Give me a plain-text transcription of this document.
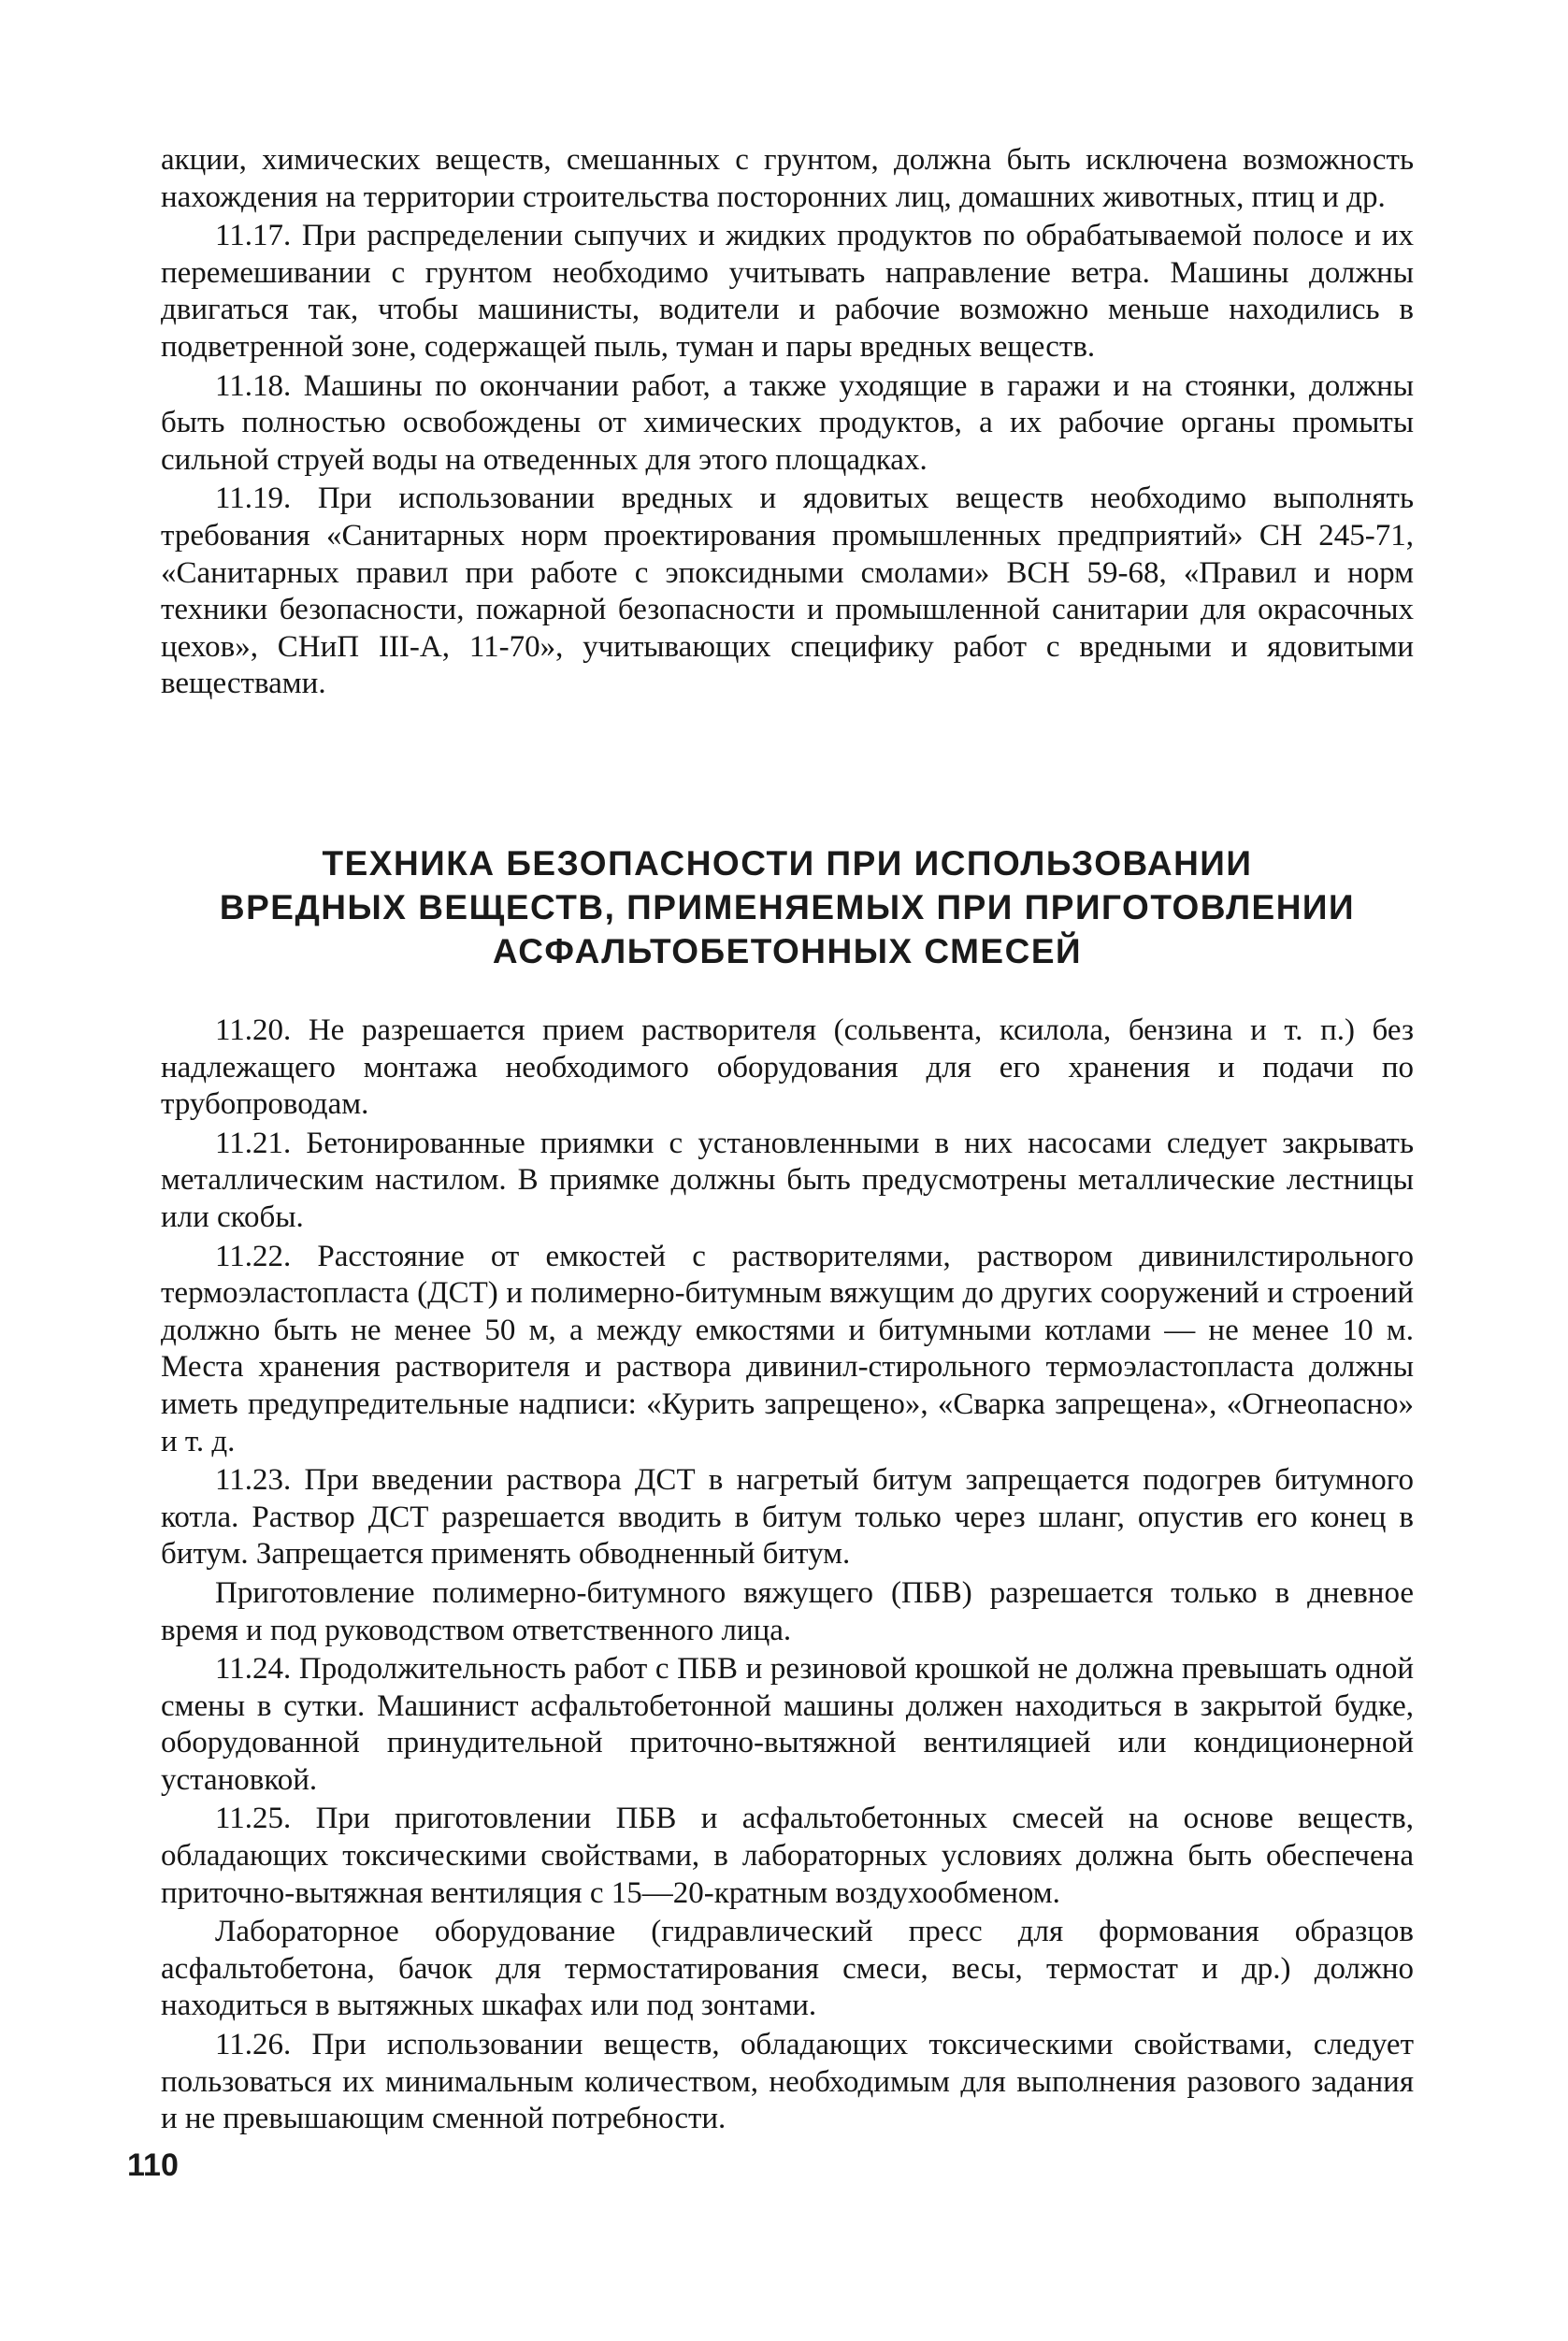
акции, химических веществ, смешанных с грунтом, должна быть исключена возможность нахождения на территории строительства посторонних лиц, домашних животных, птиц и др.

11.17. При распределении сыпучих и жидких продуктов по обрабатываемой полосе и их перемешивании с грунтом необходимо учитывать направление ветра. Машины должны двигаться так, чтобы машинисты, водители и рабочие возможно меньше находились в подветренной зоне, содержащей пыль, туман и пары вредных веществ.

11.18. Машины по окончании работ, а также уходящие в гаражи и на стоянки, должны быть полностью освобождены от химических продуктов, а их рабочие органы промыты сильной струей воды на отведенных для этого площадках.

11.19. При использовании вредных и ядовитых веществ необходимо выполнять требования «Санитарных норм проектирования промышленных предприятий» СН 245-71, «Санитарных правил при работе с эпоксидными смолами» ВСН 59-68, «Правил и норм техники безопасности, пожарной безопасности и промышленной санитарии для окрасочных цехов», СНиП III-А, 11-70», учитывающих специфику работ с вредными и ядовитыми веществами.

ТЕХНИКА БЕЗОПАСНОСТИ ПРИ ИСПОЛЬЗОВАНИИ
ВРЕДНЫХ ВЕЩЕСТВ, ПРИМЕНЯЕМЫХ ПРИ ПРИГОТОВЛЕНИИ
АСФАЛЬТОБЕТОННЫХ СМЕСЕЙ

11.20. Не разрешается прием растворителя (сольвента, ксилола, бензина и т. п.) без надлежащего монтажа необходимого оборудования для его хранения и подачи по трубопроводам.

11.21. Бетонированные приямки с установленными в них насосами следует закрывать металлическим настилом. В приямке должны быть предусмотрены металлические лестницы или скобы.

11.22. Расстояние от емкостей с растворителями, раствором дивинилстирольного термоэластопласта (ДСТ) и полимерно-битумным вяжущим до других сооружений и строений должно быть не менее 50 м, а между емкостями и битумными котлами — не менее 10 м. Места хранения растворителя и раствора дивинил-стирольного термоэластопласта должны иметь предупредительные надписи: «Курить запрещено», «Сварка запрещена», «Огнеопасно» и т. д.

11.23. При введении раствора ДСТ в нагретый битум запрещается подогрев битумного котла. Раствор ДСТ разрешается вводить в битум только через шланг, опустив его конец в битум. Запрещается применять обводненный битум.

Приготовление полимерно-битумного вяжущего (ПБВ) разрешается только в дневное время и под руководством ответственного лица.

11.24. Продолжительность работ с ПБВ и резиновой крошкой не должна превышать одной смены в сутки. Машинист асфальтобетонной машины должен находиться в закрытой будке, оборудованной принудительной приточно-вытяжной вентиляцией или кондиционерной установкой.

11.25. При приготовлении ПБВ и асфальтобетонных смесей на основе веществ, обладающих токсическими свойствами, в лабораторных условиях должна быть обеспечена приточно-вытяжная вентиляция с 15—20-кратным воздухообменом.

Лабораторное оборудование (гидравлический пресс для формования образцов асфальтобетона, бачок для термостатирования смеси, весы, термостат и др.) должно находиться в вытяжных шкафах или под зонтами.

11.26. При использовании веществ, обладающих токсическими свойствами, следует пользоваться их минимальным количеством, необходимым для выполнения разового задания и не превышающим сменной потребности.

110
